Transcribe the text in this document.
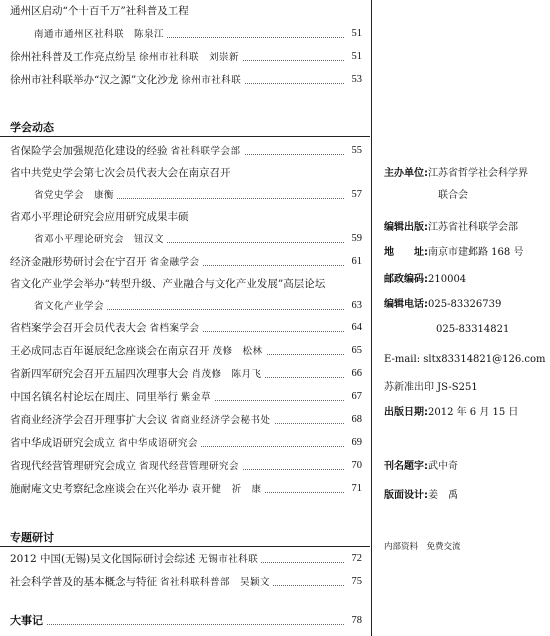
通州区启动“个十百千万”社科普及工程
南通市通州区社科联　陈泉江	51
徐州社科普及工作亮点纷呈 徐州市社科联　刘崇新	51
徐州市社科联举办“汉之源”文化沙龙 徐州市社科联	53
学会动态
省保险学会加强规范化建设的经验 省社科联学会部	55
省中共党史学会第七次会员代表大会在南京召开
省党史学会　康衡	57
省邓小平理论研究会应用研究成果丰硕
省邓小平理论研究会　钮汉文	59
经济金融形势研讨会在宁召开 省金融学会	61
省文化产业学会举办“转型升级、产业融合与文化产业发展”高层论坛
省文化产业学会	63
省档案学会召开会员代表大会 省档案学会	64
王必成同志百年诞辰纪念座谈会在南京召开 茂修　松林	65
省新四军研究会召开五届四次理事大会 肖茂修　陈月飞	66
中国名镇名村论坛在周庄、同里举行 紫金草	67
省商业经济学会召开理事扩大会议 省商业经济学会秘书处	68
省中华成语研究会成立 省中华成语研究会	69
省现代经营管理研究会成立 省现代经营管理研究会	70
施耐庵文史考察纪念座谈会在兴化举办 袁开健　祈　康	71
专题研讨
2012 中国(无锡)吴文化国际研讨会综述 无锡市社科联	72
社会科学普及的基本概念与特征 省社科联科普部　吴颖文	75
大事记	78
主办单位:江苏省哲学社会科学界
联合会
编辑出版:江苏省社科联学会部
地　　址:南京市建邺路 168 号
邮政编码:210004
编辑电话:025-83326739
025-83314821
E-mail: sltx83314821@126.com
苏新准出印 JS-S251
出版日期:2012 年 6 月 15 日
刊名题字:武中奇
版面设计:姜　禹
内部资料　免费交流
